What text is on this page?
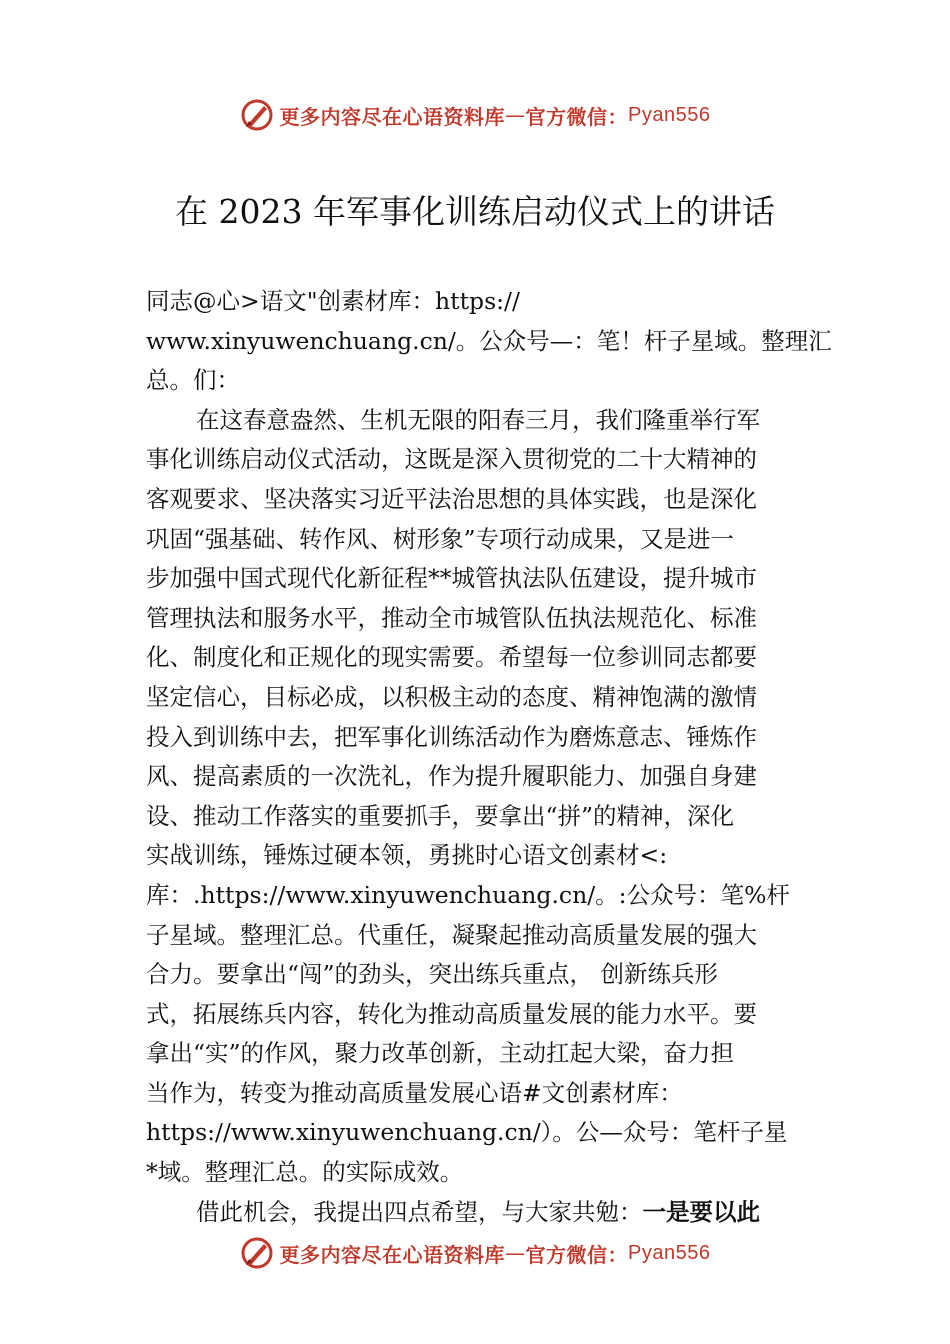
更多内容尽在心语资料库 — 官方微信： Pyan556
在 2023 年军事化训练启动仪式上的讲话

同志@心>语文"创素材库：https://
www.xinyuwenchuang.cn/。公众号—：笔！杆子星域。整理汇
总。们：

在这春意盎然、生机无限的阳春三月，我们隆重举行军
事化训练启动仪式活动，这既是深入贯彻党的二十大精神的
客观要求、坚决落实习近平法治思想的具体实践，也是深化
巩固“强基础、转作风、树形象”专项行动成果，又是进一
步加强中国式现代化新征程**城管执法队伍建设，提升城市
管理执法和服务水平，推动全市城管队伍执法规范化、标准
化、制度化和正规化的现实需要。希望每一位参训同志都要
坚定信心，目标必成，以积极主动的态度、精神饱满的激情
投入到训练中去，把军事化训练活动作为磨炼意志、锤炼作
风、提高素质的一次洗礼，作为提升履职能力、加强自身建
设、推动工作落实的重要抓手，要拿出“拼”的精神，深化
实战训练，锤炼过硬本领，勇挑时心语文创素材<:
库：.https://www.xinyuwenchuang.cn/。:公众号：笔%杆
子星域。整理汇总。代重任，凝聚起推动高质量发展的强大
合力。要拿出“闯”的劲头，突出练兵重点， 创新练兵形
式，拓展练兵内容，转化为推动高质量发展的能力水平。要
拿出“实”的作风，聚力改革创新，主动扛起大梁，奋力担
当作为，转变为推动高质量发展心语#文创素材库：
https://www.xinyuwenchuang.cn/）。公—众号：笔杆子星
*域。整理汇总。的实际成效。

借此机会，我提出四点希望，与大家共勉：一是要以此

更多内容尽在心语资料库 — 官方微信： Pyan556
